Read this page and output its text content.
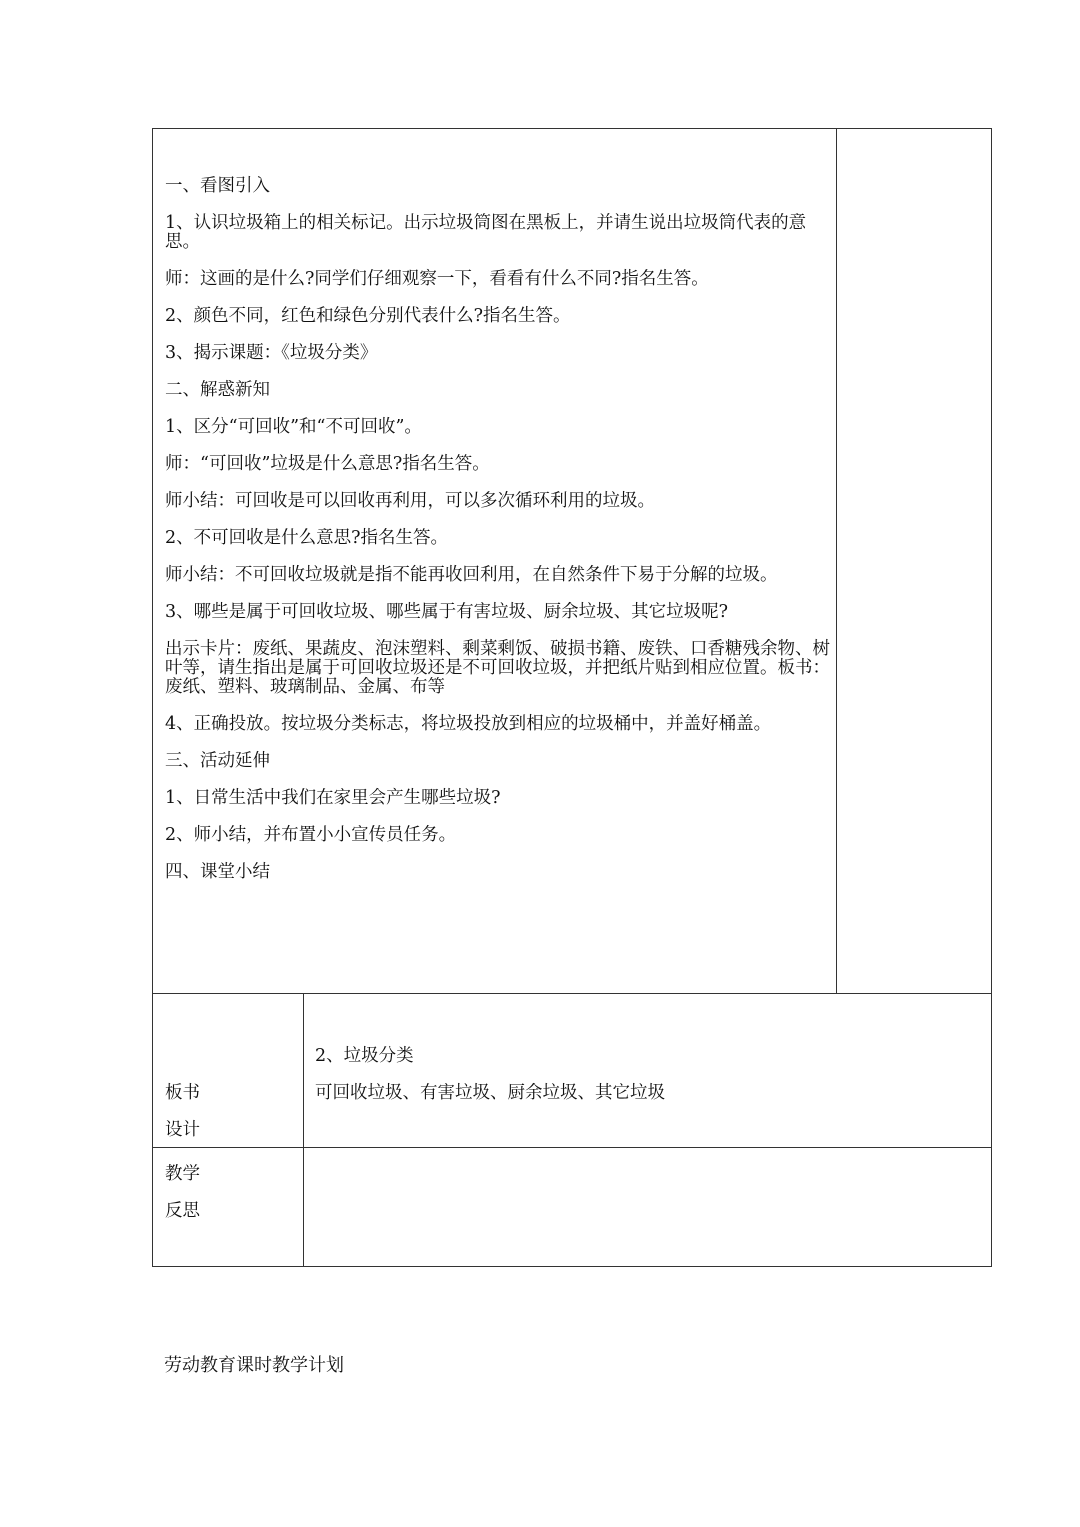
一、看图引入

1、认识垃圾箱上的相关标记。出示垃圾筒图在黑板上，并请生说出垃圾筒代表的意思。

师：这画的是什么?同学们仔细观察一下，看看有什么不同?指名生答。

2、颜色不同，红色和绿色分别代表什么?指名生答。

3、揭示课题：《垃圾分类》

二、解惑新知

1、区分“可回收”和“不可回收”。

师：“可回收”垃圾是什么意思?指名生答。

师小结：可回收是可以回收再利用，可以多次循环利用的垃圾。

2、不可回收是什么意思?指名生答。

师小结：不可回收垃圾就是指不能再收回利用，在自然条件下易于分解的垃圾。

3、哪些是属于可回收垃圾、哪些属于有害垃圾、厨余垃圾、其它垃圾呢?

出示卡片：废纸、果蔬皮、泡沫塑料、剩菜剩饭、破损书籍、废铁、口香糖残余物、树叶等，请生指出是属于可回收垃圾还是不可回收垃圾，并把纸片贴到相应位置。板书：废纸、塑料、玻璃制品、金属、布等

4、正确投放。按垃圾分类标志，将垃圾投放到相应的垃圾桶中，并盖好桶盖。

三、活动延伸

1、日常生活中我们在家里会产生哪些垃圾?

2、师小结，并布置小小宣传员任务。

四、课堂小结

板书
设计
2、垃圾分类
可回收垃圾、有害垃圾、厨余垃圾、其它垃圾
教学
反思
劳动教育课时教学计划
